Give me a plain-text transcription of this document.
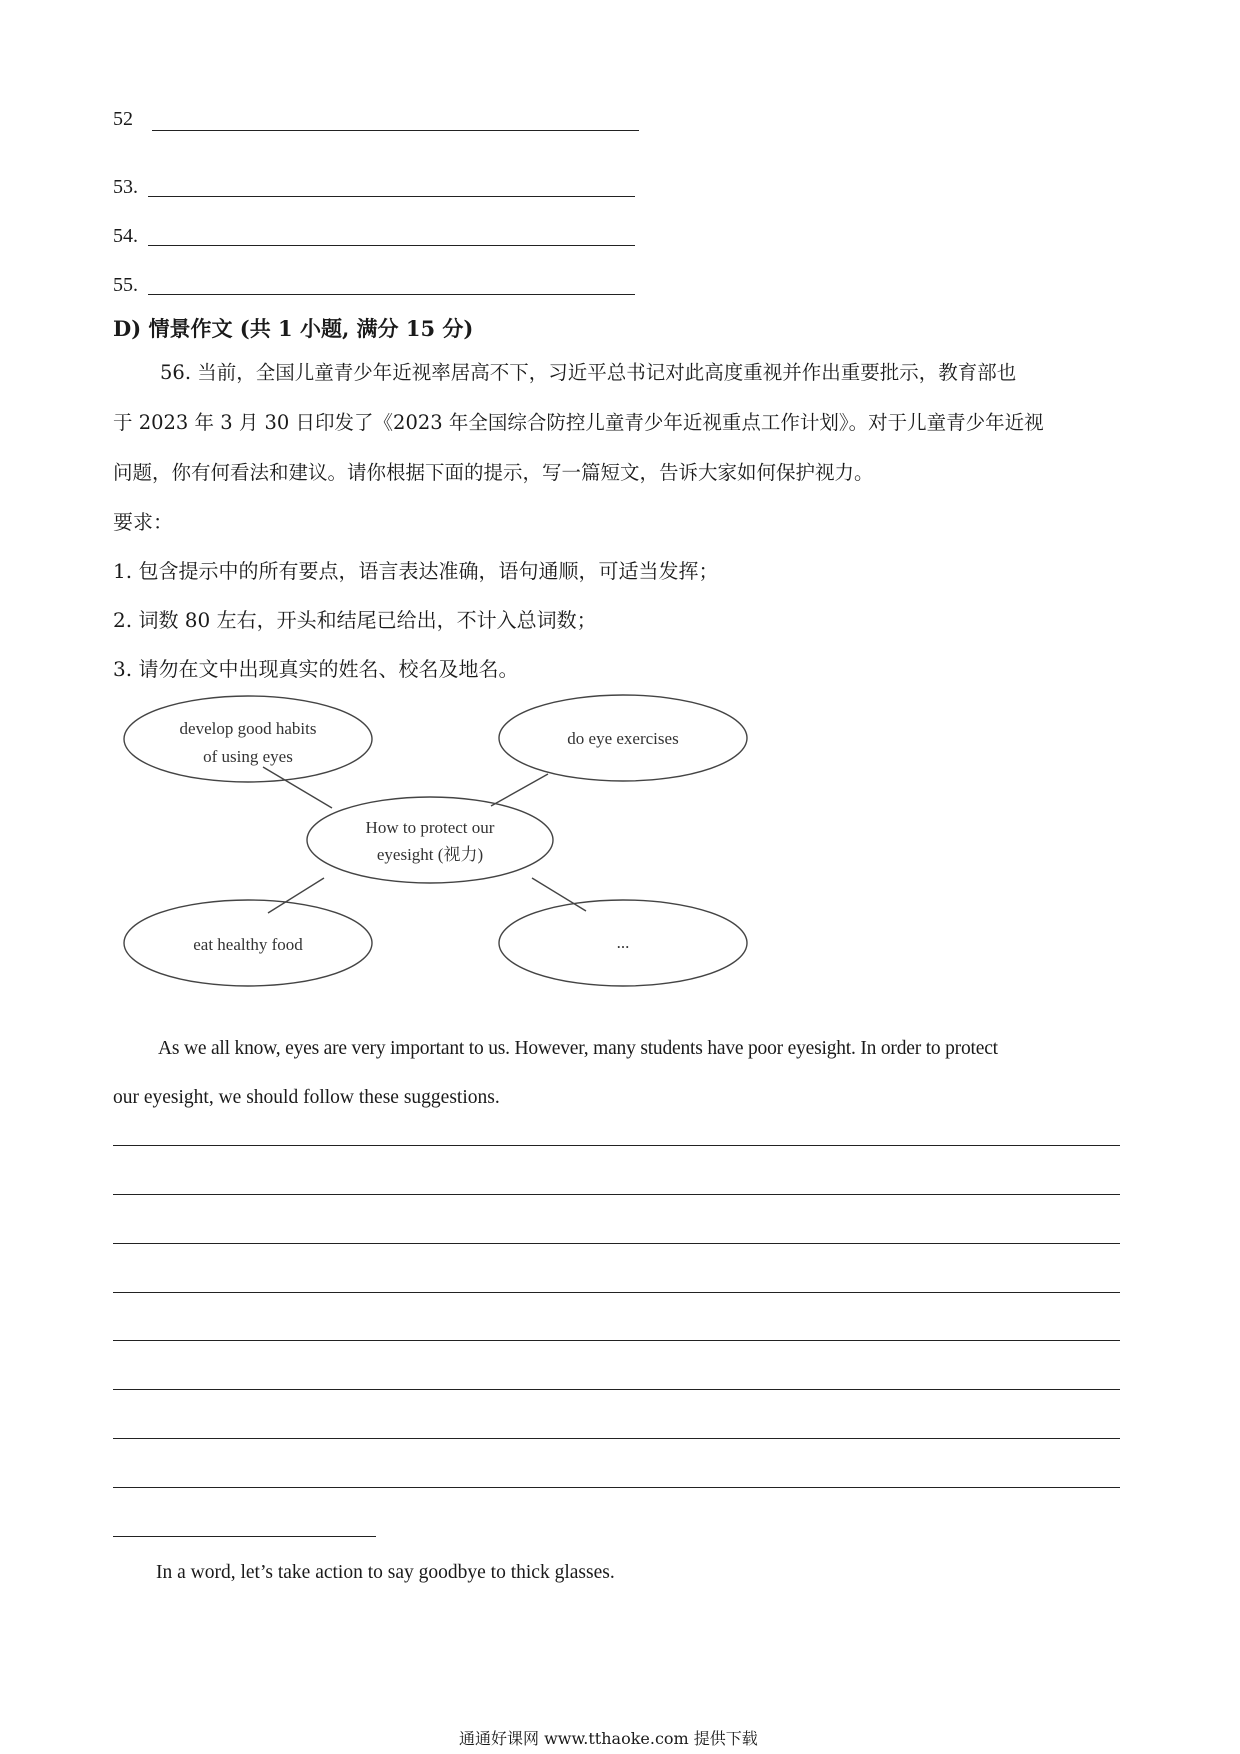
52
53.
54.
55.
D) 情景作文 (共 1 小题, 满分 15 分)
56. 当前，全国儿童青少年近视率居高不下，习近平总书记对此高度重视并作出重要批示，教育部也
于 2023 年 3 月 30 日印发了《2023 年全国综合防控儿童青少年近视重点工作计划》。对于儿童青少年近视
问题，你有何看法和建议。请你根据下面的提示，写一篇短文，告诉大家如何保护视力。
要求：
1. 包含提示中的所有要点，语言表达准确，语句通顺，可适当发挥；
2. 词数 80 左右，开头和结尾已给出，不计入总词数；
3. 请勿在文中出现真实的姓名、校名及地名。
develop good habits
of using eyes
do eye exercises
How to protect our
eyesight (视力)
eat healthy food	...
As we all know, eyes are very important to us. However, many students have poor eyesight. In order to protect
our eyesight, we should follow these suggestions.
In a word, let’s take action to say goodbye to thick glasses.
通通好课网 www.tthaoke.com 提供下载
